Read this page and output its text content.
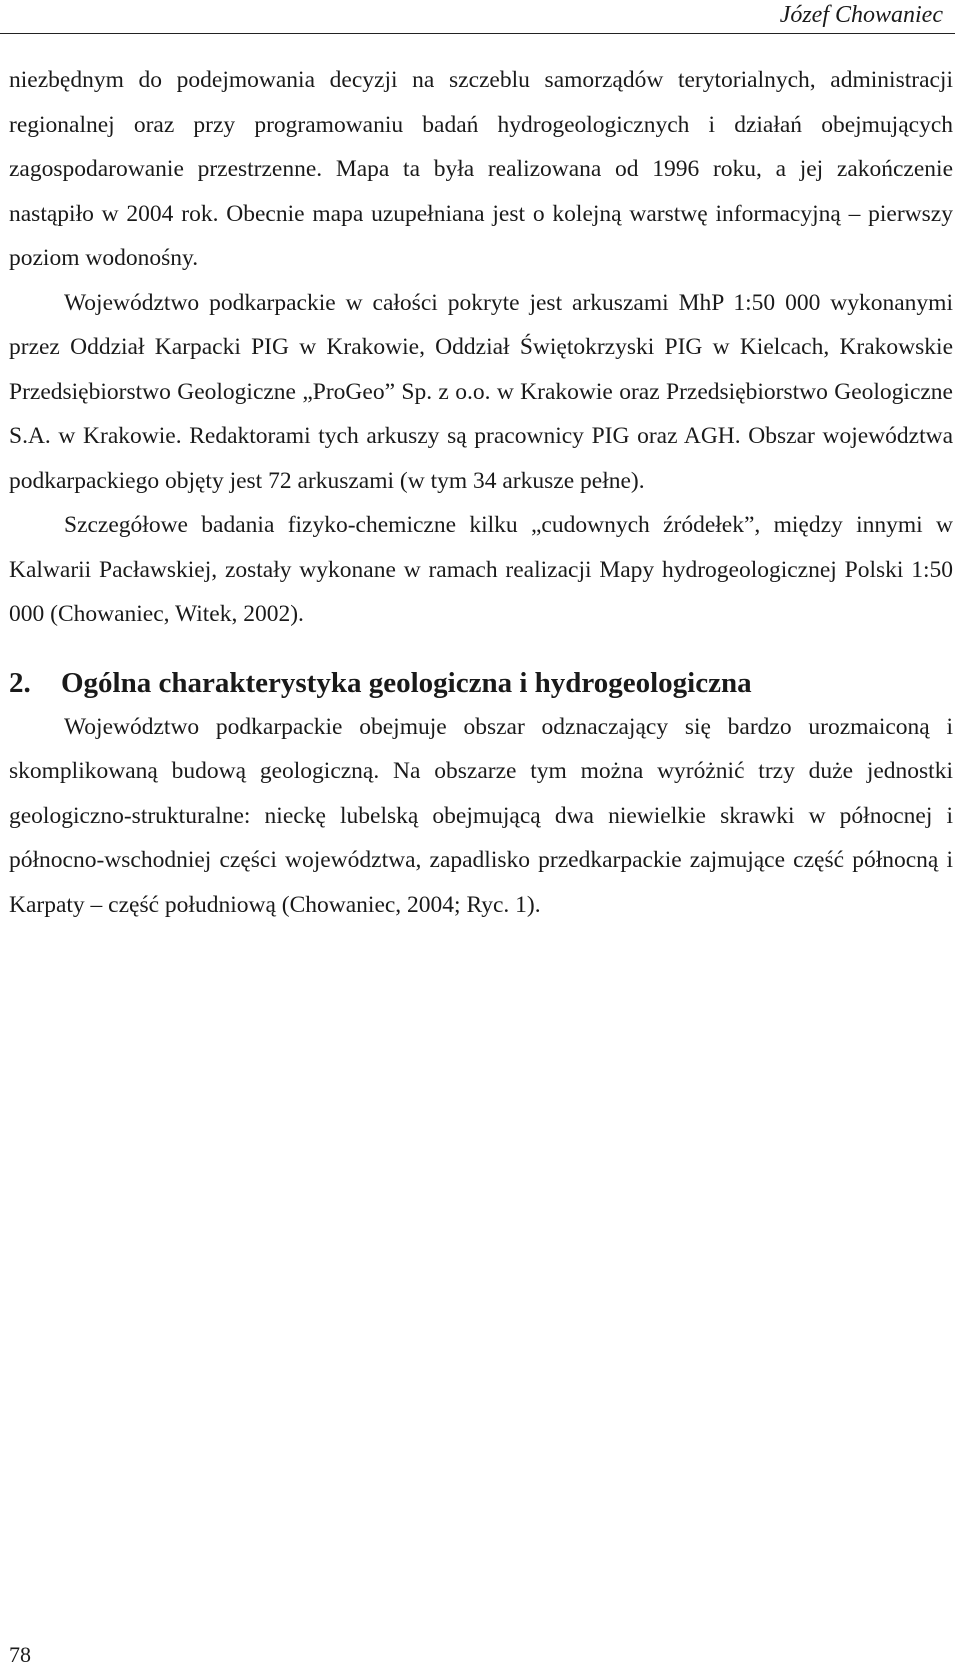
Józef Chowaniec

niezbędnym do podejmowania decyzji na szczeblu samorządów terytorialnych, administracji regionalnej oraz przy programowaniu badań hydrogeologicznych i działań obejmujących zagospodarowanie przestrzenne. Mapa ta była realizowana od 1996 roku, a jej zakończenie nastąpiło w 2004 rok. Obecnie mapa uzupełniana jest o kolejną warstwę informacyjną – pierwszy poziom wodonośny.

Województwo podkarpackie w całości pokryte jest arkuszami MhP 1:50 000 wykonanymi przez Oddział Karpacki PIG w Krakowie, Oddział Świętokrzyski PIG w Kielcach, Krakowskie Przedsiębiorstwo Geologiczne „ProGeo” Sp. z o.o. w Krakowie oraz Przedsiębiorstwo Geologiczne S.A. w Krakowie. Redaktorami tych arkuszy są pracownicy PIG oraz AGH. Obszar województwa podkarpackiego objęty jest 72 arkuszami (w tym 34 arkusze pełne).

Szczegółowe badania fizyko-chemiczne kilku „cudownych źródełek”, między innymi w Kalwarii Pacławskiej, zostały wykonane w ramach realizacji Mapy hydrogeologicznej Polski 1:50 000 (Chowaniec, Witek, 2002).

2. Ogólna charakterystyka geologiczna i hydrogeologiczna

Województwo podkarpackie obejmuje obszar odznaczający się bardzo urozmaiconą i skomplikowaną budową geologiczną. Na obszarze tym można wyróżnić trzy duże jednostki geologiczno-strukturalne: nieckę lubelską obejmującą dwa niewielkie skrawki w północnej i północno-wschodniej części województwa, zapadlisko przedkarpackie zajmujące część północną i Karpaty – część południową (Chowaniec, 2004; Ryc. 1).

78
